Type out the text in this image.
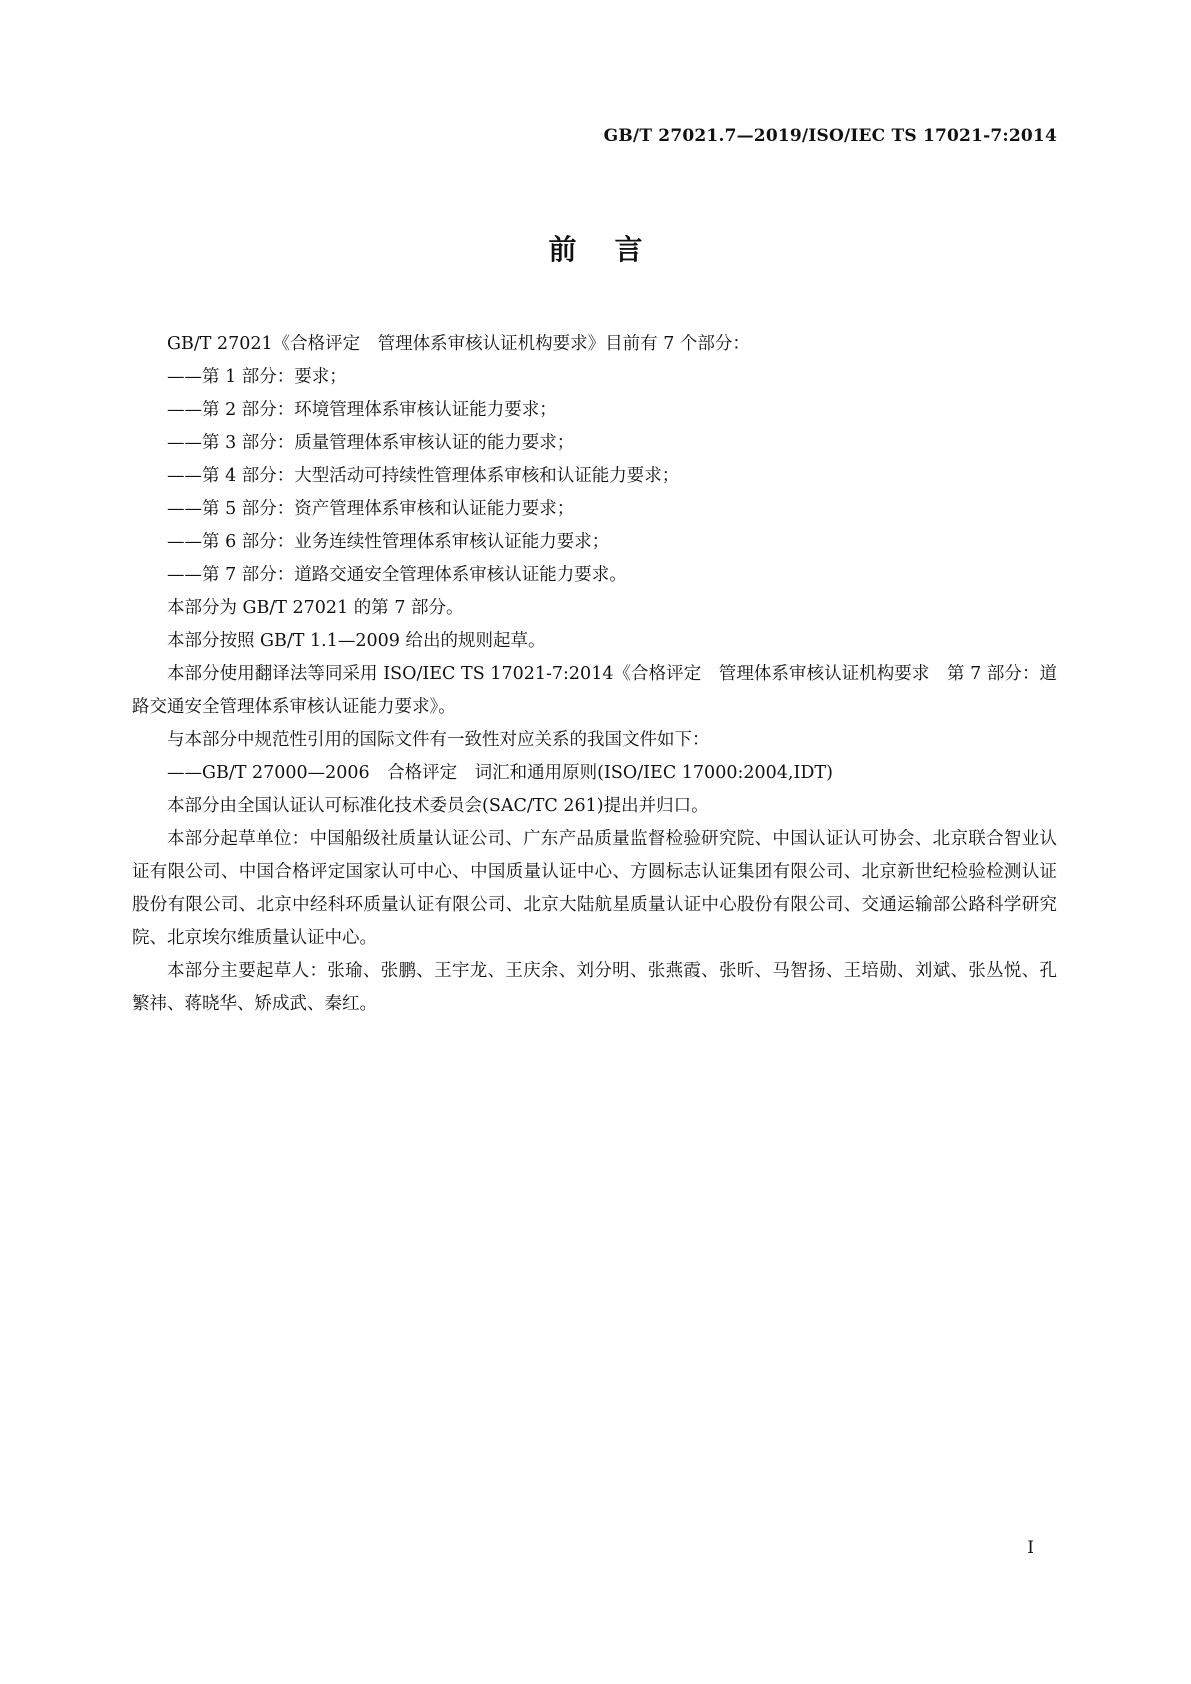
GB/T 27021.7—2019/ISO/IEC TS 17021-7:2014
前言

GB/T 27021《合格评定　管理体系审核认证机构要求》目前有 7 个部分：

——第 1 部分：要求；

——第 2 部分：环境管理体系审核认证能力要求；

——第 3 部分：质量管理体系审核认证的能力要求；

——第 4 部分：大型活动可持续性管理体系审核和认证能力要求；

——第 5 部分：资产管理体系审核和认证能力要求；

——第 6 部分：业务连续性管理体系审核认证能力要求；

——第 7 部分：道路交通安全管理体系审核认证能力要求。

本部分为 GB/T 27021 的第 7 部分。

本部分按照 GB/T 1.1—2009 给出的规则起草。

本部分使用翻译法等同采用 ISO/IEC TS 17021-7:2014《合格评定　管理体系审核认证机构要求　第 7 部分：道路交通安全管理体系审核认证能力要求》。

与本部分中规范性引用的国际文件有一致性对应关系的我国文件如下：

——GB/T 27000—2006　合格评定　词汇和通用原则(ISO/IEC 17000:2004,IDT)

本部分由全国认证认可标准化技术委员会(SAC/TC 261)提出并归口。

本部分起草单位：中国船级社质量认证公司、广东产品质量监督检验研究院、中国认证认可协会、北京联合智业认证有限公司、中国合格评定国家认可中心、中国质量认证中心、方圆标志认证集团有限公司、北京新世纪检验检测认证股份有限公司、北京中经科环质量认证有限公司、北京大陆航星质量认证中心股份有限公司、交通运输部公路科学研究院、北京埃尔维质量认证中心。

本部分主要起草人：张瑜、张鹏、王宇龙、王庆余、刘分明、张燕霞、张昕、马智扬、王培勋、刘斌、张丛悦、孔繁祎、蒋晓华、矫成武、秦红。

I
